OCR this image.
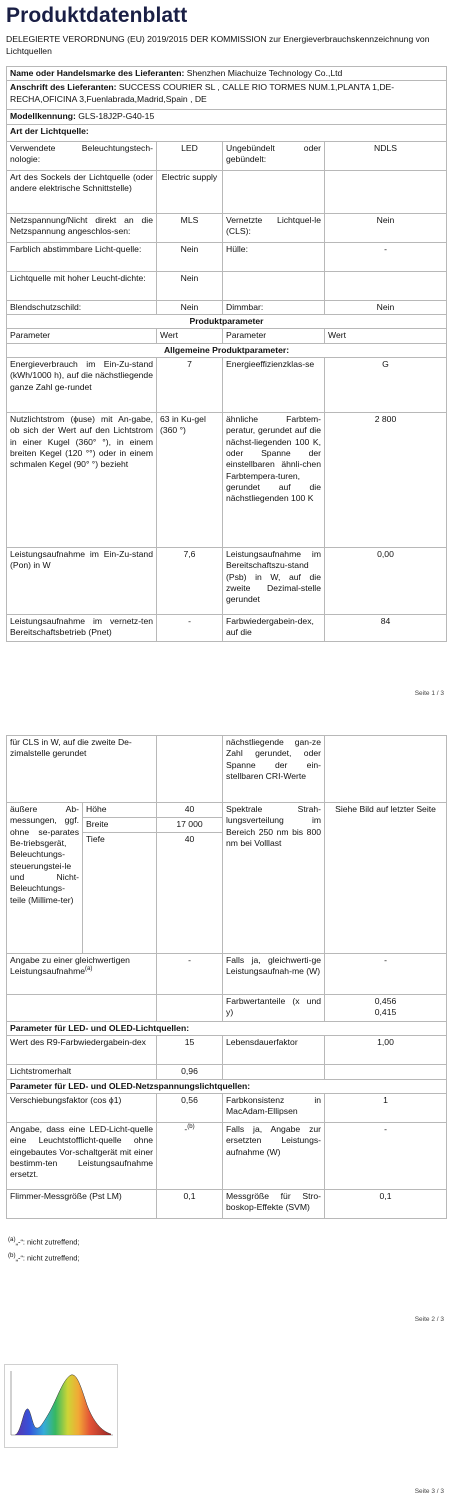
Produktdatenblatt
DELEGIERTE VERORDNUNG (EU) 2019/2015 DER KOMMISSION zur Energieverbrauchskennzeichnung von Lichtquellen
Name oder Handelsmarke des Lieferanten: Shenzhen Miachuize Technology Co.,Ltd			
Anschrift des Lieferanten: SUCCESS COURIER SL , CALLE RIO TORMES NUM.1,PLANTA 1,DE-RECHA,OFICINA 3,Fuenlabrada,Madrid,Spain , DE			
Modellkennung: GLS-18J2P-G40-15			
Art der Lichtquelle:			
Verwendete Beleuchtungstech-nologie:	LED	Ungebündelt oder gebündelt:	NDLS
Art des Sockels der Lichtquelle (oder andere elektrische Schnittstelle)	Electric supply		
Netzspannung/Nicht direkt an die Netzspannung angeschlos-sen:	MLS	Vernetzte Lichtquel-le (CLS):	Nein
Farblich abstimmbare Licht-quelle:	Nein	Hülle:	-
Lichtquelle mit hoher Leucht-dichte:	Nein		
Blendschutzschild:	Nein	Dimmbar:	Nein
Produktparameter			
Parameter	Wert	Parameter	Wert
Allgemeine Produktparameter:			
Energieverbrauch im Ein-Zu-stand (kWh/1000 h), auf die nächstliegende ganze Zahl ge-rundet	7	Energieeffizienzklas-se	G
Nutzlichtstrom (ϕuse) mit An-gabe, ob sich der Wert auf den Lichtstrom in einer Kugel (360° °), in einem breiten Kegel (120 °°) oder in einem schmalen Kegel (90° °) bezieht	63 in Ku-gel (360 °)	ähnliche Farbtem-peratur, gerundet auf die nächst-liegenden 100 K, oder Spanne der einstellbaren ähnli-chen Farbtempera-turen, gerundet auf die nächstliegenden 100 K	2 800
Leistungsaufnahme im Ein-Zu-stand (Pon) in W	7,6	Leistungsaufnahme im Bereitschaftszu-stand (Psb) in W, auf die zweite Dezimal-stelle gerundet	0,00
Leistungsaufnahme im vernetz-ten Bereitschaftsbetrieb (Pnet)	-	Farbwiedergabein-dex, auf die	84
Seite 1 / 3
für CLS in W, auf die zweite De-zimalstelle gerundet			nächstliegende gan-ze Zahl gerundet, oder Spanne der ein-stellbaren CRI-Werte	
äußere Ab-messungen, ggf. ohne se-parates Be-triebsgerät, Beleuchtungs-steuerungstei-le und Nicht-Beleuchtungs-teile (Millime-ter)	Höhe	40	Spektrale Strah-lungsverteilung im Bereich 250 nm bis 800 nm bei Volllast	Siehe Bild auf letzter Seite
	Breite	17 000		
	Tiefe	40		
Angabe zu einer gleichwertigen Leistungsaufnahme$^{(a)}$		-	Falls ja, gleichwerti-ge Leistungsaufnah-me (W)	-
			Farbwertanteile (x und y)	0,456
0,415
Parameter für LED- und OLED-Lichtquellen:				
Wert des R9-Farbwiedergabein-dex		15	Lebensdauerfaktor	1,00
Lichtstromerhalt		0,96		
Parameter für LED- und OLED-Netzspannungslichtquellen:				
Verschiebungsfaktor (cos ϕ1)		0,56	Farbkonsistenz in MacAdam-Ellipsen	1
Angabe, dass eine LED-Licht-quelle eine Leuchtstofflicht-quelle ohne eingebautes Vor-schaltgerät mit einer bestimm-ten Leistungsaufnahme ersetzt.		-$^{(b)}$	Falls ja, Angabe zur ersetzten Leistungs-aufnahme (W)	-
Flimmer-Messgröße (Pst LM)		0,1	Messgröße für Stro-boskop-Effekte (SVM)	0,1
$^{(a)}$„-“: nicht zutreffend;
$^{(b)}$„-“: nicht zutreffend;
Seite 2 / 3
Seite 3 / 3
